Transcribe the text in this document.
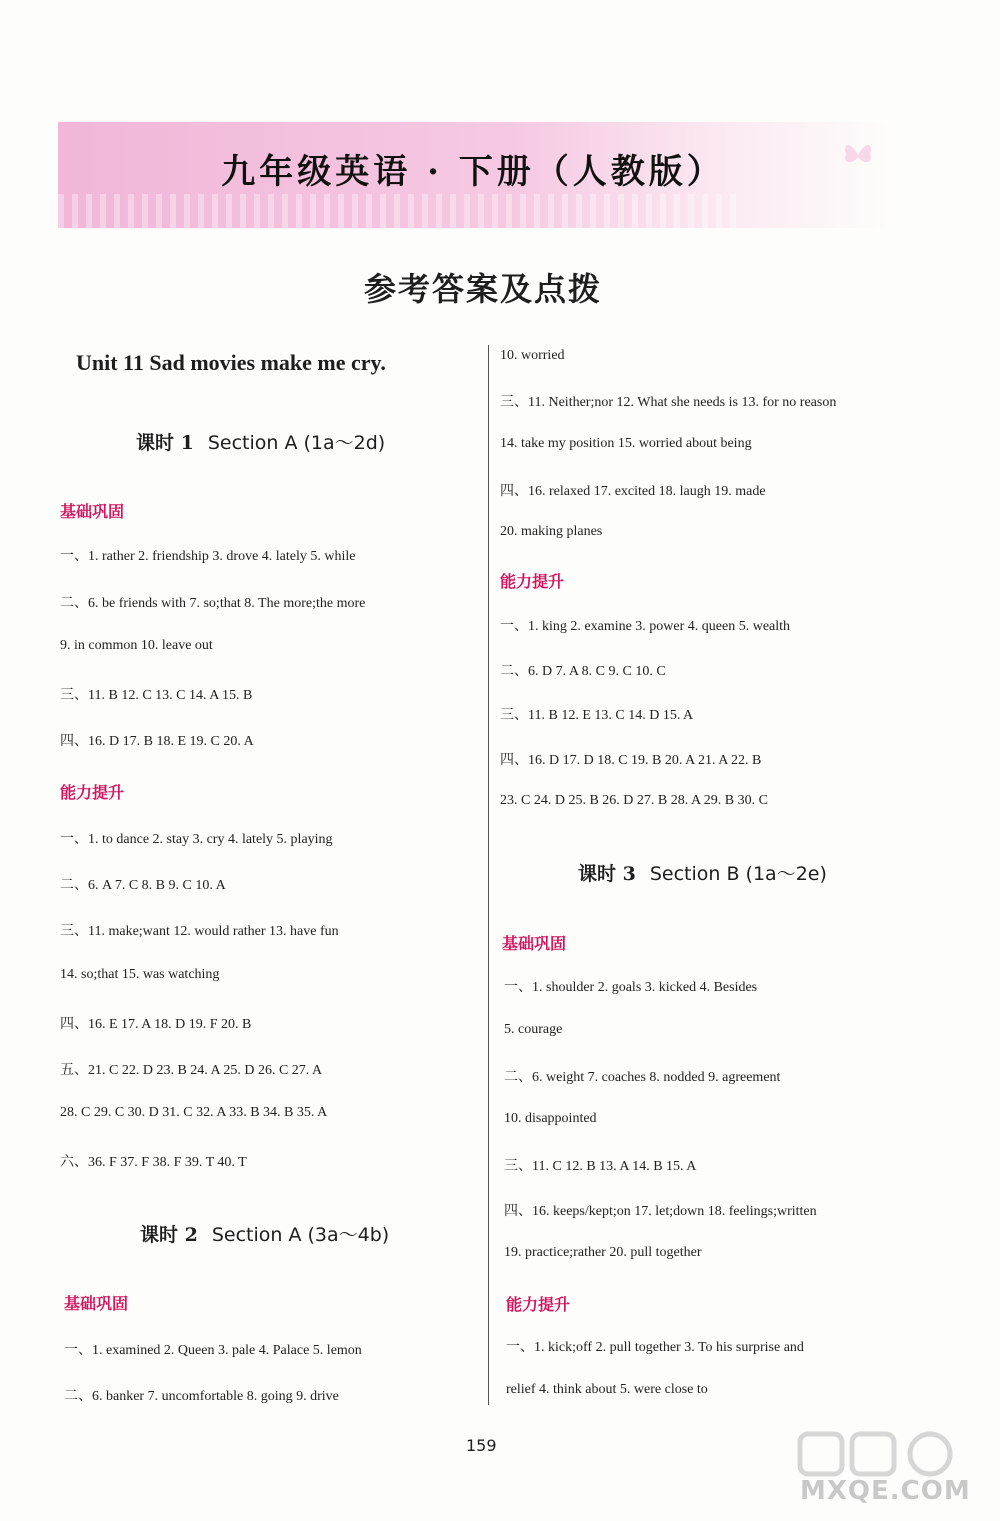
九年级英语 · 下册（人教版）
参考答案及点拨
Unit 11 Sad movies make me cry.
课时 1 Section A (1a～2d)
基础巩固
一、1. rather 2. friendship 3. drove 4. lately 5. while
二、6. be friends with 7. so;that 8. The more;the more
9. in common 10. leave out
三、11. B 12. C 13. C 14. A 15. B
四、16. D 17. B 18. E 19. C 20. A
能力提升
一、1. to dance 2. stay 3. cry 4. lately 5. playing
二、6. A 7. C 8. B 9. C 10. A
三、11. make;want 12. would rather 13. have fun
14. so;that 15. was watching
四、16. E 17. A 18. D 19. F 20. B
五、21. C 22. D 23. B 24. A 25. D 26. C 27. A
28. C 29. C 30. D 31. C 32. A 33. B 34. B 35. A
六、36. F 37. F 38. F 39. T 40. T
课时 2 Section A (3a～4b)
基础巩固
一、1. examined 2. Queen 3. pale 4. Palace 5. lemon
二、6. banker 7. uncomfortable 8. going 9. drive
10. worried
三、11. Neither;nor 12. What she needs is 13. for no reason
14. take my position 15. worried about being
四、16. relaxed 17. excited 18. laugh 19. made
20. making planes
能力提升
一、1. king 2. examine 3. power 4. queen 5. wealth
二、6. D 7. A 8. C 9. C 10. C
三、11. B 12. E 13. C 14. D 15. A
四、16. D 17. D 18. C 19. B 20. A 21. A 22. B
23. C 24. D 25. B 26. D 27. B 28. A 29. B 30. C
课时 3 Section B (1a～2e)
基础巩固
一、1. shoulder 2. goals 3. kicked 4. Besides
5. courage
二、6. weight 7. coaches 8. nodded 9. agreement
10. disappointed
三、11. C 12. B 13. A 14. B 15. A
四、16. keeps/kept;on 17. let;down 18. feelings;written
19. practice;rather 20. pull together
能力提升
一、1. kick;off 2. pull together 3. To his surprise and
relief 4. think about 5. were close to
159
MXQE.COM
